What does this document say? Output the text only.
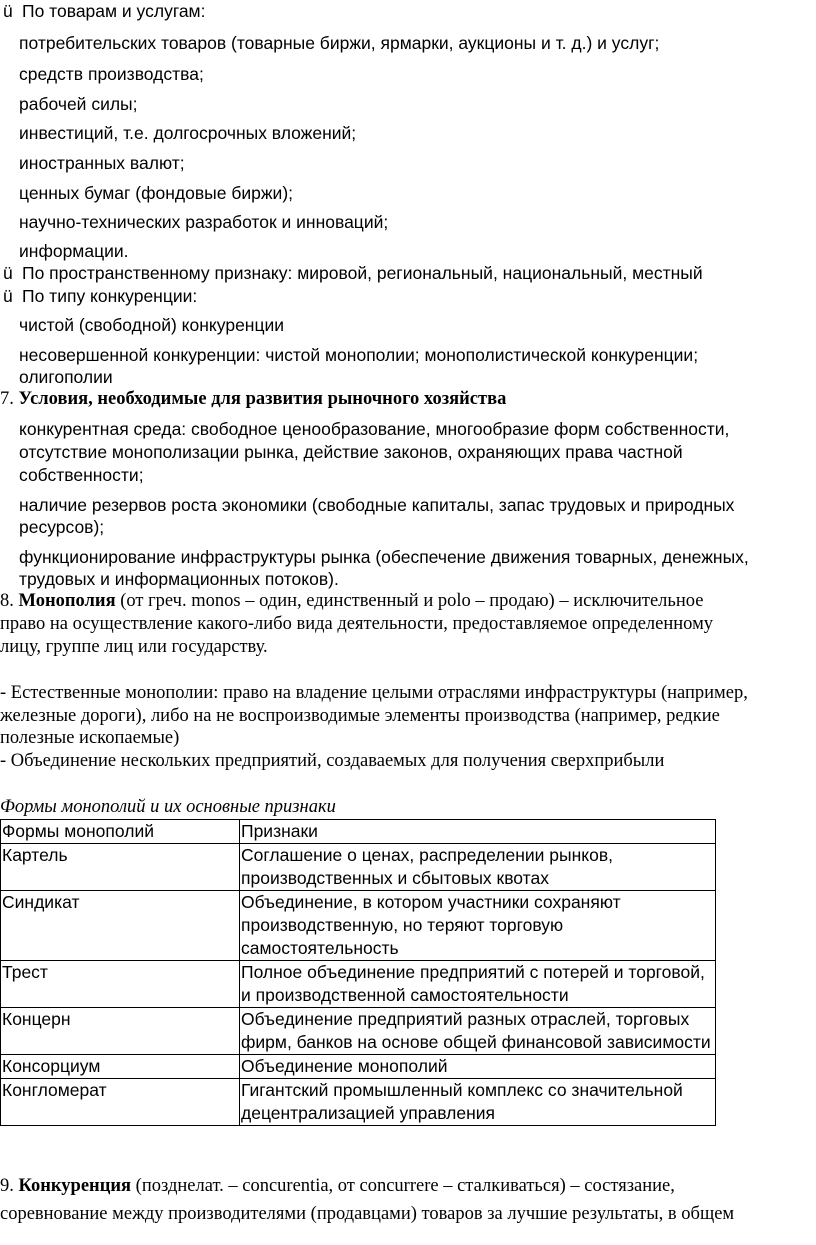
ü По товарам и услугам:
потребительских товаров (товарные биржи, ярмарки, аукционы и т. д.) и услуг;
средств производства;
рабочей силы;
инвестиций, т.е. долгосрочных вложений;
иностранных валют;
ценных бумаг (фондовые биржи);
научно-технических разработок и инноваций;
информации.
ü По пространственному признаку: мировой, региональный, национальный, местный
ü По типу конкуренции:
чистой (свободной) конкуренции
несовершенной конкуренции: чистой монополии; монополистической конкуренции;
олигополии
7. Условия, необходимые для развития рыночного хозяйства
конкурентная среда: свободное ценообразование, многообразие форм собственности,
отсутствие монополизации рынка, действие законов, охраняющих права частной
собственности;
наличие резервов роста экономики (свободные капиталы, запас трудовых и природных
ресурсов);
функционирование инфраструктуры рынка (обеспечение движения товарных, денежных,
трудовых и информационных потоков).
8. Монополия (от греч. monos – один, единственный и polo – продаю) – исключительное
право на осуществление какого-либо вида деятельности, предоставляемое определенному
лицу, группе лиц или государству.
- Естественные монополии: право на владение целыми отраслями инфраструктуры (например,
железные дороги), либо на не воспроизводимые элементы производства (например, редкие
полезные ископаемые)
- Объединение нескольких предприятий, создаваемых для получения сверхприбыли
Формы монополий и их основные признаки
Формы монополий	Признаки
Картель	Соглашение о ценах, распределении рынков, производственных и сбытовых квотах
Синдикат	Объединение, в котором участники сохраняют производственную, но теряют торговую самостоятельность
Трест	Полное объединение предприятий с потерей и торговой, и производственной самостоятельности
Концерн	Объединение предприятий разных отраслей, торговых фирм, банков на основе общей финансовой зависимости
Консорциум	Объединение монополий
Конгломерат	Гигантский промышленный комплекс со значительной децентрализацией управления
9. Конкуренция (позднелат. – concurentia, от concurrere – сталкиваться) – состязание,
соревнование между производителями (продавцами) товаров за лучшие результаты, в общем
